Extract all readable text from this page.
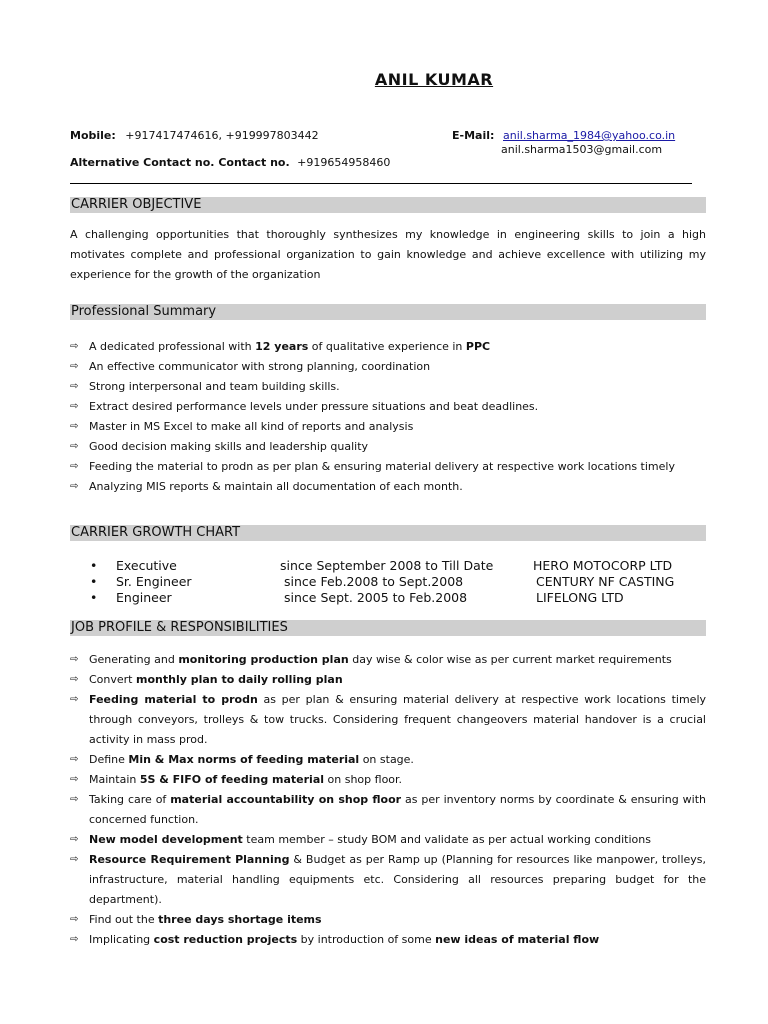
ANIL KUMAR
Mobile: +917417474616, +919997803442
Alternative Contact no. Contact no. +919654958460
E-Mail: anil.sharma_1984@yahoo.co.in
anil.sharma1503@gmail.com
CARRIER OBJECTIVE
A challenging opportunities that thoroughly synthesizes my knowledge in engineering skills to join a high motivates complete and professional organization to gain knowledge and achieve excellence with utilizing my experience for the growth of the organization
Professional Summary
⇨ A dedicated professional with 12 years of qualitative experience in PPC
⇨ An effective communicator with strong planning, coordination
⇨ Strong interpersonal and team building skills.
⇨ Extract desired performance levels under pressure situations and beat deadlines.
⇨ Master in MS Excel to make all kind of reports and analysis
⇨ Good decision making skills and leadership quality
⇨ Feeding the material to prodn as per plan & ensuring material delivery at respective work locations timely
⇨ Analyzing MIS reports & maintain all documentation of each month.
CARRIER GROWTH CHART
• Executive	since September 2008 to Till Date	HERO MOTOCORP LTD
• Sr. Engineer	since Feb.2008 to Sept.2008	CENTURY NF CASTING
• Engineer	since Sept. 2005 to Feb.2008	LIFELONG LTD
JOB PROFILE & RESPONSIBILITIES
⇨ Generating and monitoring production plan day wise & color wise as per current market requirements
⇨ Convert monthly plan to daily rolling plan
⇨ Feeding material to prodn as per plan & ensuring material delivery at respective work locations timely through conveyors, trolleys & tow trucks. Considering frequent changeovers material handover is a crucial activity in mass prod.
⇨ Define Min & Max norms of feeding material on stage.
⇨ Maintain 5S & FIFO of feeding material on shop floor.
⇨ Taking care of material accountability on shop floor as per inventory norms by coordinate & ensuring with concerned function.
⇨ New model development team member – study BOM and validate as per actual working conditions
⇨ Resource Requirement Planning & Budget as per Ramp up (Planning for resources like manpower, trolleys, infrastructure, material handling equipments etc. Considering all resources preparing budget for the department).
⇨ Find out the three days shortage items
⇨ Implicating cost reduction projects by introduction of some new ideas of material flow
